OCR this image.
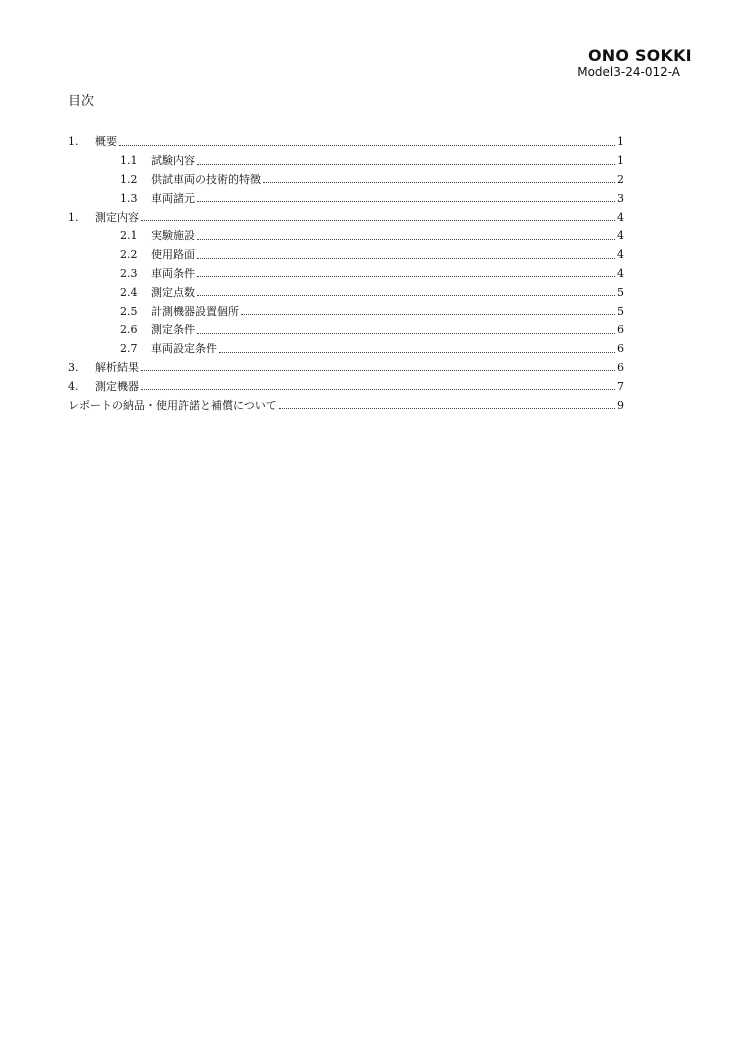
ONO SOKKI
Model3-24-012-A
目次
1.	概要	1
1.1	試験内容	1
1.2	供試車両の技術的特徴	2
1.3	車両諸元	3
1.	測定内容	4
2.1	実験施設	4
2.2	使用路面	4
2.3	車両条件	4
2.4	測定点数	5
2.5	計測機器設置個所	5
2.6	測定条件	6
2.7	車両設定条件	6
3.	解析結果	6
4.	測定機器	7
レポートの納品・使用許諾と補償について	9
